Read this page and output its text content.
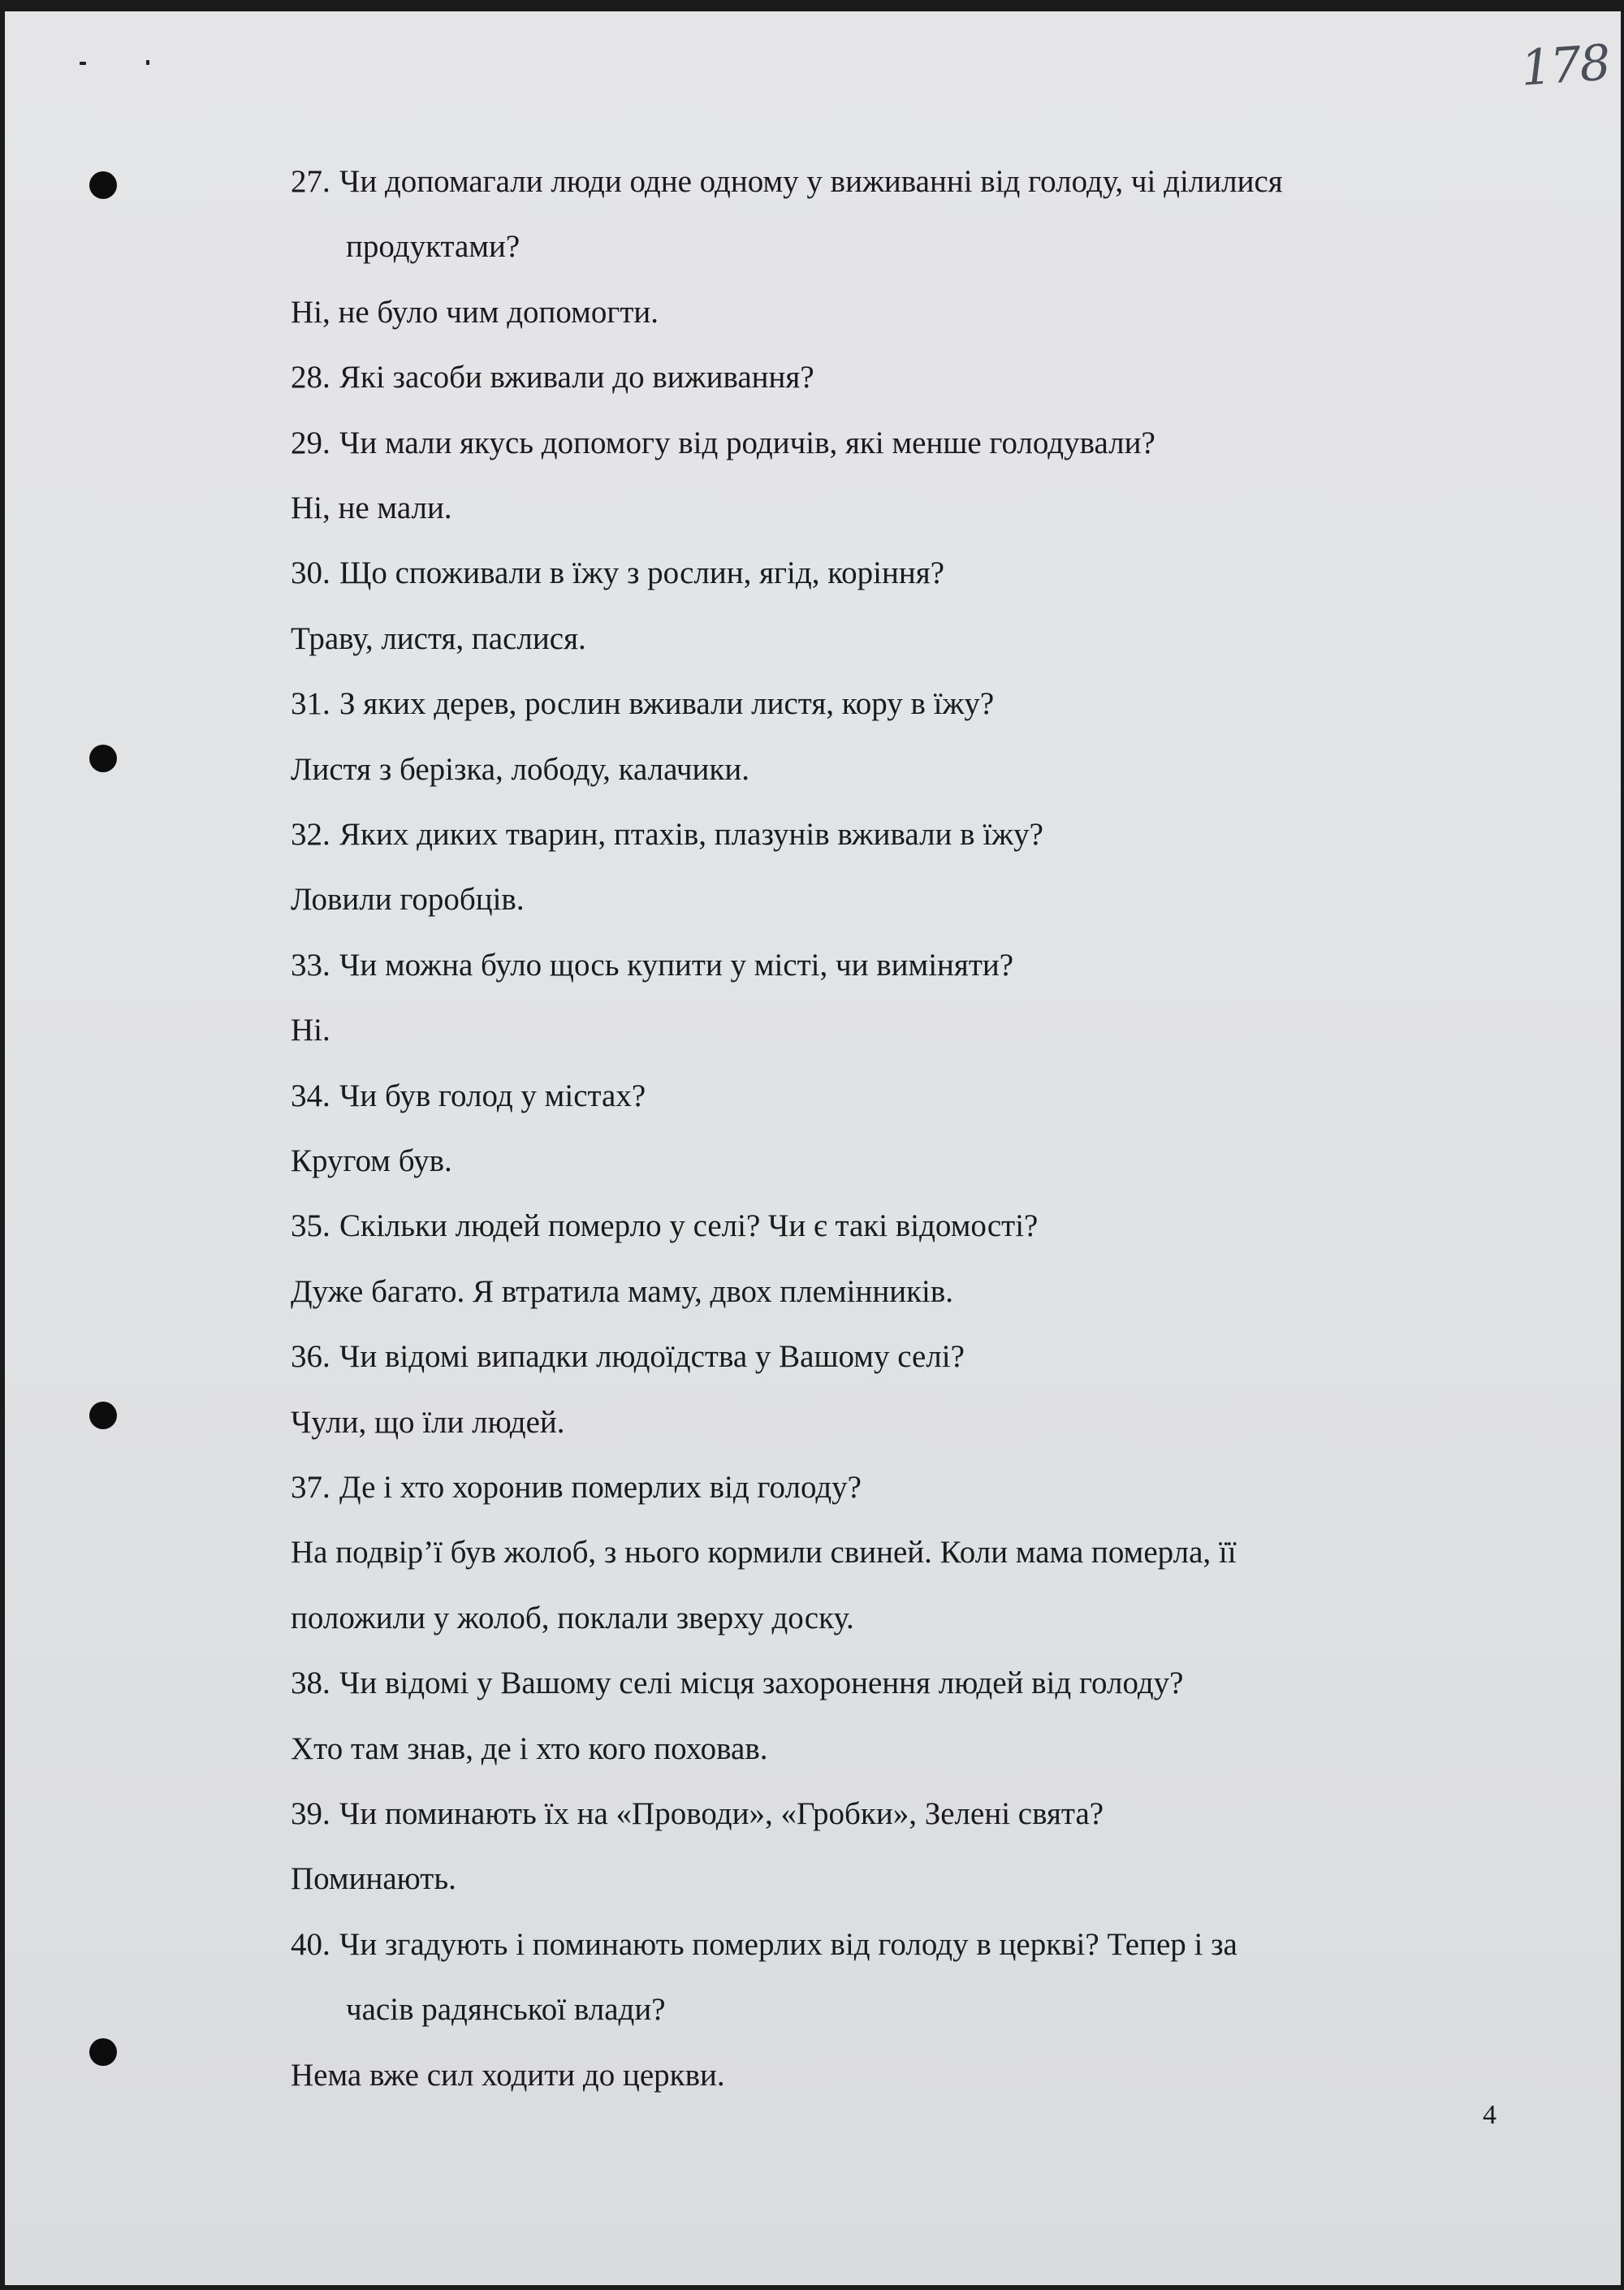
178
27. Чи допомагали люди одне одному у виживанні від голоду, чі ділилися
продуктами?
Ні, не було чим допомогти.
28. Які засоби вживали до виживання?
29. Чи мали якусь допомогу від родичів, які менше голодували?
Ні, не мали.
30. Що споживали в їжу з рослин, ягід, коріння?
Траву, листя, паслися.
31. З яких дерев, рослин вживали листя, кору в їжу?
Листя з берізка, лободу, калачики.
32. Яких диких тварин, птахів, плазунів вживали в їжу?
Ловили горобців.
33. Чи можна було щось купити у місті, чи виміняти?
Ні.
34. Чи був голод у містах?
Кругом був.
35. Скільки людей померло у селі? Чи є такі відомості?
Дуже багато. Я втратила маму, двох племінників.
36. Чи відомі випадки людоїдства у Вашому селі?
Чули, що їли людей.
37. Де і хто хоронив померлих від голоду?
На подвір’ї був жолоб, з нього кормили свиней. Коли мама померла, її
положили у жолоб, поклали зверху доску.
38. Чи відомі у Вашому селі місця захоронення людей від голоду?
Хто там знав, де і хто кого поховав.
39. Чи поминають їх на «Проводи», «Гробки», Зелені свята?
Поминають.
40. Чи згадують і поминають померлих від голоду в церкві? Тепер і за
часів радянської влади?
Нема вже сил ходити до церкви.
4
